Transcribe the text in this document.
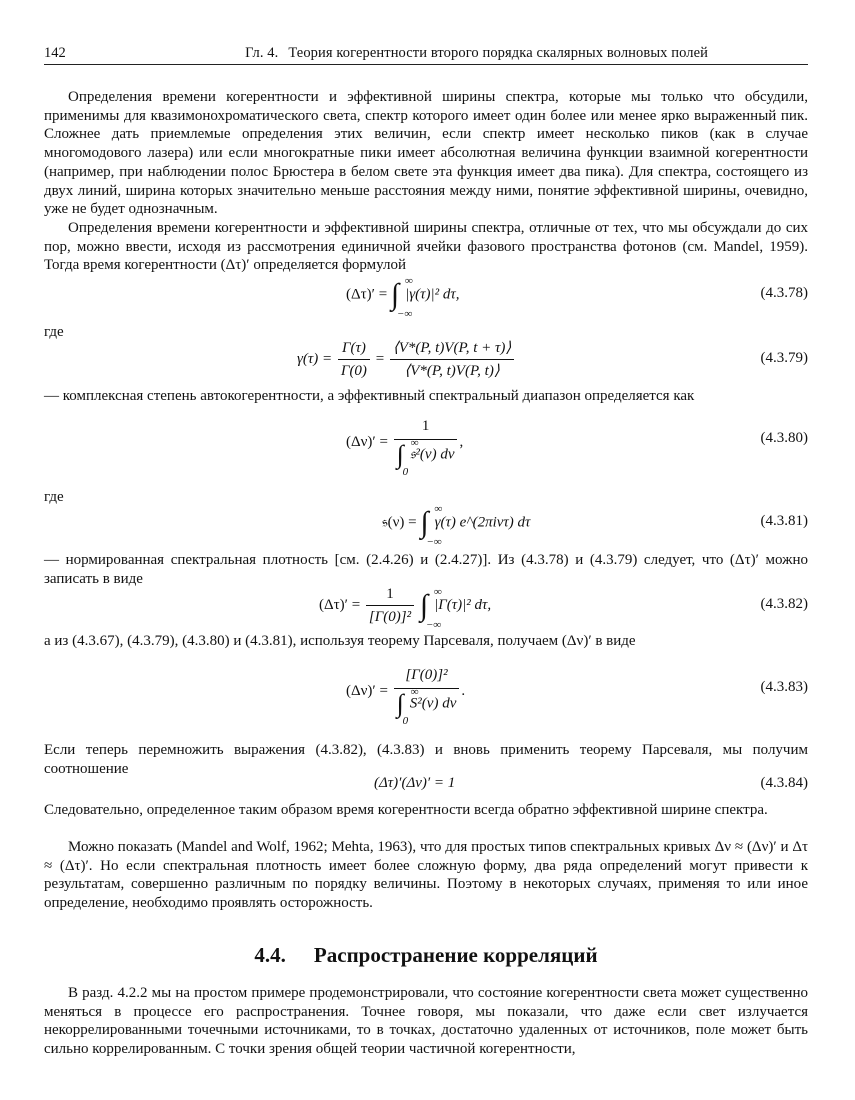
142	Гл. 4. Теория когерентности второго порядка скалярных волновых полей
Определения времени когерентности и эффективной ширины спектра, которые мы только что обсудили, применимы для квазимонохроматического света, спектр которого имеет один более или менее ярко выраженный пик. Сложнее дать приемлемые определения этих величин, если спектр имеет несколько пиков (как в случае многомодового лазера) или если многократные пики имеет абсолютная величина функции взаимной когерентности (например, при наблюдении полос Брюстера в белом свете эта функция имеет два пика). Для спектра, состоящего из двух линий, ширина которых значительно меньше расстояния между ними, понятие эффективной ширины, очевидно, уже не будет однозначным.
Определения времени когерентности и эффективной ширины спектра, отличные от тех, что мы обсуждали до сих пор, можно ввести, исходя из рассмотрения единичной ячейки фазового пространства фотонов (см. Mandel, 1959). Тогда время когерентности (Δτ)′ определяется формулой
(Δτ)′ = ∫ ∞
−∞
|γ(τ)|² dτ,	(4.3.78)
где
$\gamma(\tau) = \frac{\Gamma(\tau)}{\Gamma(0)} = \frac{⟨V*(P, t)V(P, t + \tau)⟩}{⟨V*(P, t)V(P, t)⟩}$	(4.3.79)
— комплексная степень автокогерентности, а эффективный спектральный диапазон определяется как
(Δν)′ = 1
∫ ∞
0
𝔰²(ν) dν ,	(4.3.80)
где
𝔰(ν) = ∫ ∞
−∞
γ(τ) e^(2πiντ) dτ	(4.3.81)
— нормированная спектральная плотность [см. (2.4.26) и (2.4.27)]. Из (4.3.78) и (4.3.79) следует, что (Δτ)′ можно записать в виде
$(\Delta\tau)' = \frac{1}{\text{[Γ(0)]²}}$ ∫ ∞
−∞
|Γ(τ)|² dτ,	(4.3.82)
а из (4.3.67), (4.3.79), (4.3.80) и (4.3.81), используя теорему Парсеваля, получаем (Δν)′ в виде
(Δν)′ = [Γ(0)]²
∫ ∞
0
S²(ν) dν .	(4.3.83)
Если теперь перемножить выражения (4.3.82), (4.3.83) и вновь применить теорему Парсеваля, мы получим соотношение
(Δτ)′(Δν)′ = 1	(4.3.84)
Следовательно, определенное таким образом время когерентности всегда обратно эффективной ширине спектра.
Можно показать (Mandel and Wolf, 1962; Mehta, 1963), что для простых типов спектральных кривых Δν ≈ (Δν)′ и Δτ ≈ (Δτ)′. Но если спектральная плотность имеет более сложную форму, два ряда определений могут привести к результатам, совершенно различным по порядку величины. Поэтому в некоторых случаях, применяя то или иное определение, необходимо проявлять осторожность.
4.4. Распространение корреляций
В разд. 4.2.2 мы на простом примере продемонстрировали, что состояние когерентности света может существенно меняться в процессе его распространения. Точнее говоря, мы показали, что даже если свет излучается некоррелированными точечными источниками, то в точках, достаточно удаленных от источников, поле может быть сильно коррелированным. С точки зрения общей теории частичной когерентности,
